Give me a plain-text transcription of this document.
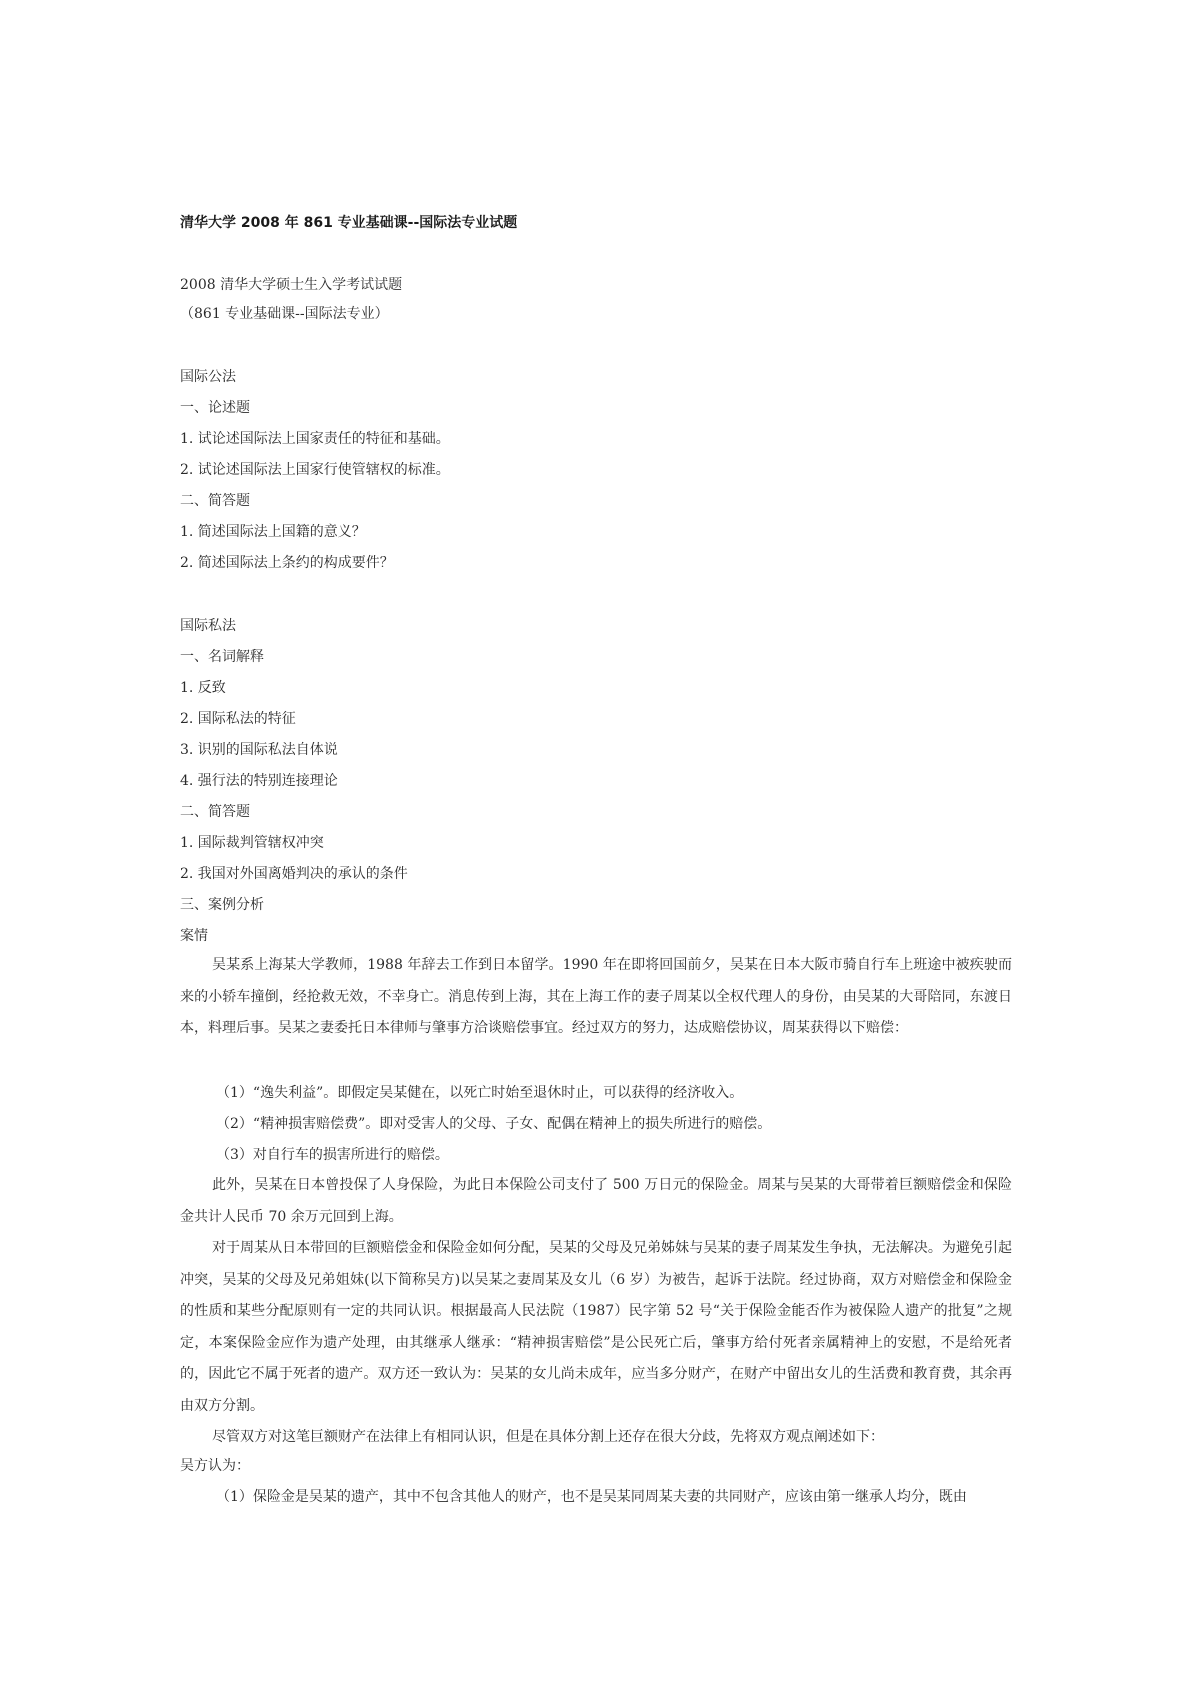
清华大学 2008 年 861 专业基础课--国际法专业试题

2008 清华大学硕士生入学考试试题

（861 专业基础课--国际法专业）

国际公法

一、论述题

1. 试论述国际法上国家责任的特征和基础。

2. 试论述国际法上国家行使管辖权的标准。

二、简答题

1. 简述国际法上国籍的意义？

2. 简述国际法上条约的构成要件？

国际私法

一、名词解释

1. 反致

2. 国际私法的特征

3. 识别的国际私法自体说

4. 强行法的特别连接理论

二、简答题

1. 国际裁判管辖权冲突

2. 我国对外国离婚判决的承认的条件

三、案例分析

案情

吴某系上海某大学教师，1988 年辞去工作到日本留学。1990 年在即将回国前夕，吴某在日本大阪市骑自行车上班途中被疾驶而来的小轿车撞倒，经抢救无效，不幸身亡。消息传到上海，其在上海工作的妻子周某以全权代理人的身份，由吴某的大哥陪同，东渡日本，料理后事。吴某之妻委托日本律师与肇事方洽谈赔偿事宜。经过双方的努力，达成赔偿协议，周某获得以下赔偿：

（1）“逸失利益”。即假定吴某健在，以死亡时始至退休时止，可以获得的经济收入。

（2）“精神损害赔偿费”。即对受害人的父母、子女、配偶在精神上的损失所进行的赔偿。

（3）对自行车的损害所进行的赔偿。

此外，吴某在日本曾投保了人身保险，为此日本保险公司支付了 500 万日元的保险金。周某与吴某的大哥带着巨额赔偿金和保险金共计人民币 70 余万元回到上海。

对于周某从日本带回的巨额赔偿金和保险金如何分配，吴某的父母及兄弟姊妹与吴某的妻子周某发生争执，无法解决。为避免引起冲突，吴某的父母及兄弟姐妹(以下简称吴方)以吴某之妻周某及女儿（6 岁）为被告，起诉于法院。经过协商，双方对赔偿金和保险金的性质和某些分配原则有一定的共同认识。根据最高人民法院（1987）民字第 52 号“关于保险金能否作为被保险人遗产的批复”之规定，本案保险金应作为遗产处理，由其继承人继承：“精神损害赔偿”是公民死亡后，肇事方给付死者亲属精神上的安慰，不是给死者的，因此它不属于死者的遗产。双方还一致认为：吴某的女儿尚未成年，应当多分财产，在财产中留出女儿的生活费和教育费，其余再由双方分割。

尽管双方对这笔巨额财产在法律上有相同认识，但是在具体分割上还存在很大分歧，先将双方观点阐述如下：

吴方认为：

（1）保险金是吴某的遗产，其中不包含其他人的财产，也不是吴某同周某夫妻的共同财产，应该由第一继承人均分，既由
